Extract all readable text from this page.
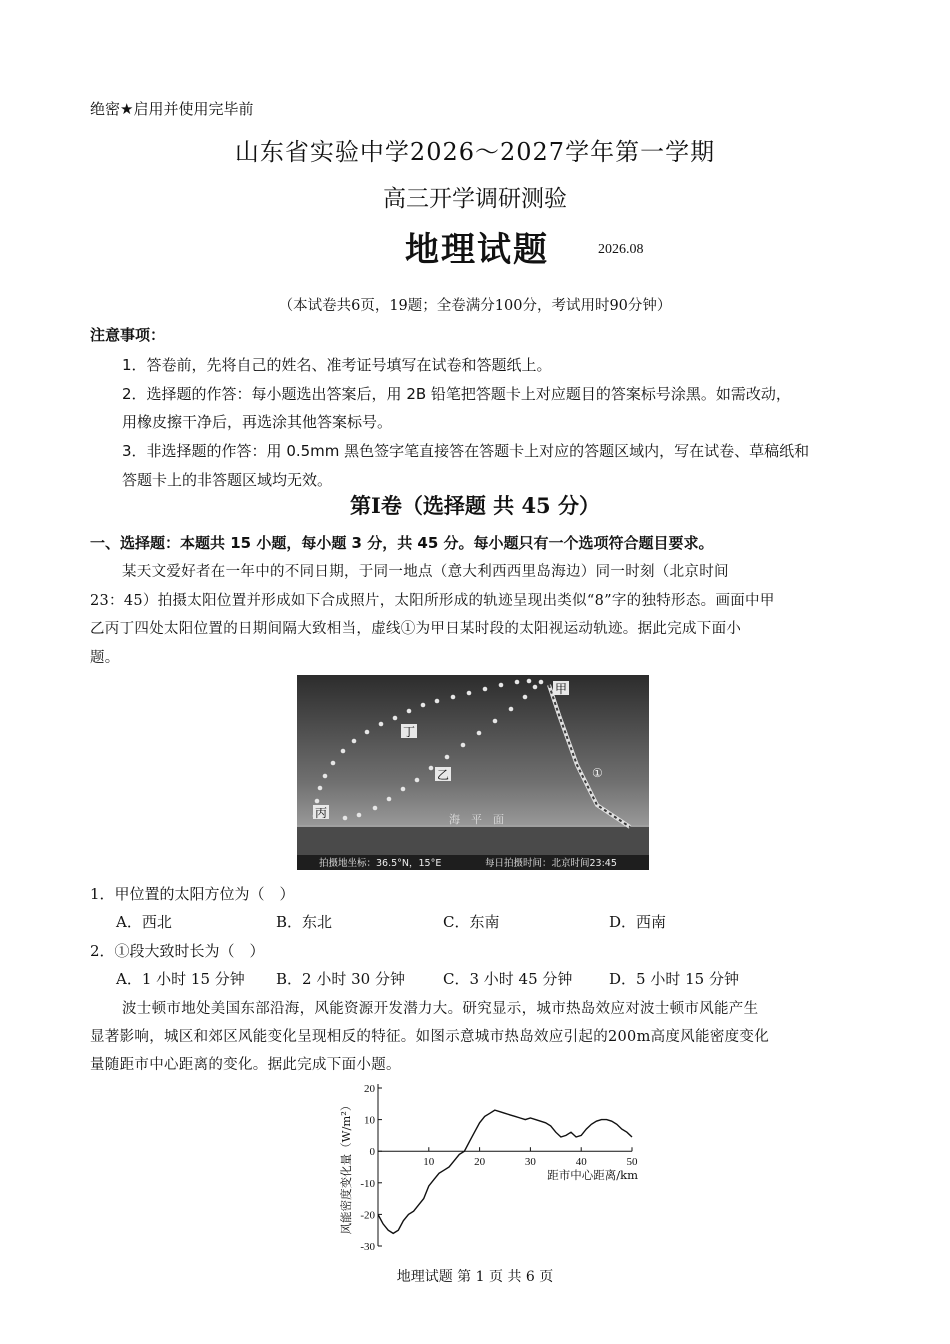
绝密★启用并使用完毕前
山东省实验中学2026～2027学年第一学期
高三开学调研测验
地理试题	2026.08
（本试卷共6页，19题；全卷满分100分，考试用时90分钟）
注意事项：
1．答卷前，先将自己的姓名、准考证号填写在试卷和答题纸上。
2．选择题的作答：每小题选出答案后，用 2B 铅笔把答题卡上对应题目的答案标号涂黑。如需改动，
用橡皮擦干净后，再选涂其他答案标号。
3．非选择题的作答：用 0.5mm 黑色签字笔直接答在答题卡上对应的答题区域内，写在试卷、草稿纸和
答题卡上的非答题区域均无效。
第Ⅰ卷（选择题 共 45 分）
一、选择题：本题共 15 小题，每小题 3 分，共 45 分。每小题只有一个选项符合题目要求。
某天文爱好者在一年中的不同日期，于同一地点（意大利西西里岛海边）同一时刻（北京时间
23：45）拍摄太阳位置并形成如下合成照片，太阳所形成的轨迹呈现出类似“8”字的独特形态。画面中甲
乙丙丁四处太阳位置的日期间隔大致相当，虚线①为甲日某时段的太阳视运动轨迹。据此完成下面小
题。
甲
丁
乙
丙
①
海　平　面
拍摄地坐标：36.5°N，15°E	每日拍摄时间：北京时间23:45
1．甲位置的太阳方位为（　）
A．西北	B．东北	C．东南	D．西南
2．①段大致时长为（　）
A．1 小时 15 分钟 B．2 小时 30 分钟	C．3 小时 45 分钟 D．5 小时 15 分钟
波士顿市地处美国东部沿海，风能资源开发潜力大。研究显示，城市热岛效应对波士顿市风能产生
显著影响，城区和郊区风能变化呈现相反的特征。如图示意城市热岛效应引起的200m高度风能密度变化
量随距市中心距离的变化。据此完成下面小题。
20
10
0
-10
-20
-30
10	20	30	40	50
距市中心距离/km
风能密度变化量（W/m²）
地理试题 第 1 页 共 6 页
